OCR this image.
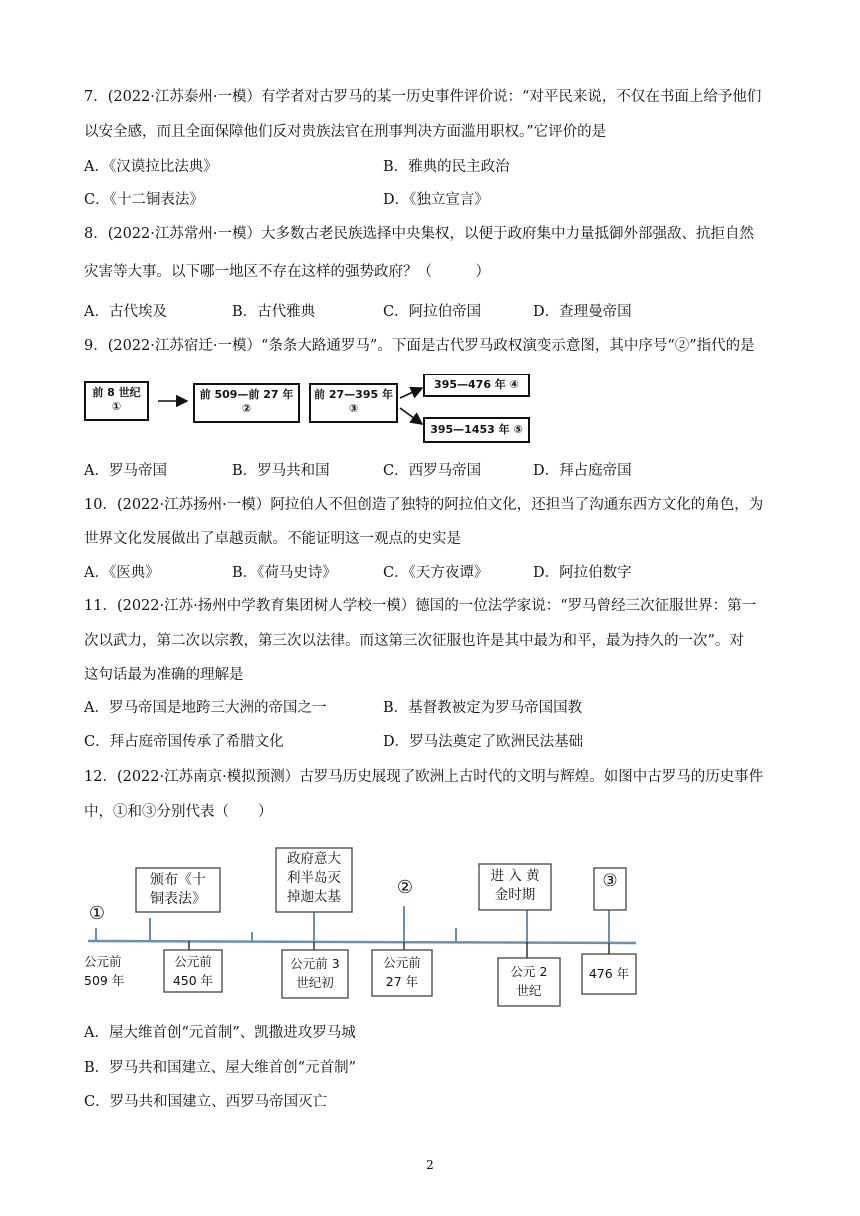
7．(2022·江苏泰州·一模）有学者对古罗马的某一历史事件评价说：“对平民来说，不仅在书面上给予他们
以安全感，而且全面保障他们反对贵族法官在刑事判决方面滥用职权。”它评价的是
A．《汉谟拉比法典》	B．雅典的民主政治
C．《十二铜表法》	D．《独立宣言》
8．(2022·江苏常州·一模）大多数古老民族选择中央集权，以便于政府集中力量抵御外部强敌、抗拒自然
灾害等大事。以下哪一地区不存在这样的强势政府？（　　　）
A．古代埃及	B．古代雅典	C．阿拉伯帝国	D．查理曼帝国
9．(2022·江苏宿迁·一模）“条条大路通罗马”。下面是古代罗马政权演变示意图，其中序号“②”指代的是
前 8 世纪
①
前 509—前 27 年
②
前 27—395 年
③
395—476 年 ④
395—1453 年 ⑤
A．罗马帝国	B．罗马共和国	C．西罗马帝国	D．拜占庭帝国
10．(2022·江苏扬州·一模）阿拉伯人不但创造了独特的阿拉伯文化，还担当了沟通东西方文化的角色，为
世界文化发展做出了卓越贡献。不能证明这一观点的史实是
A．《医典》	B．《荷马史诗》	C．《天方夜谭》	D．阿拉伯数字
11．(2022·江苏·扬州中学教育集团树人学校一模）德国的一位法学家说：“罗马曾经三次征服世界：第一
次以武力，第二次以宗教，第三次以法律。而这第三次征服也许是其中最为和平，最为持久的一次”。对
这句话最为准确的理解是
A．罗马帝国是地跨三大洲的帝国之一	B．基督教被定为罗马帝国国教
C．拜占庭帝国传承了希腊文化	D．罗马法奠定了欧洲民法基础
12．(2022·江苏南京·模拟预测）古罗马历史展现了欧洲上古时代的文明与辉煌。如图中古罗马的历史事件
中，①和③分别代表（　　）
①
公元前
509 年
颁布《十
铜表法》
公元前
450 年
政府意大
利半岛灭
掉迦太基
公元前 3
世纪初
②
公元前
27 年
进 入 黄
金时期
公元 2
世纪
③
476 年
A．屋大维首创“元首制”、凯撒进攻罗马城
B．罗马共和国建立、屋大维首创“元首制”
C．罗马共和国建立、西罗马帝国灭亡
2
